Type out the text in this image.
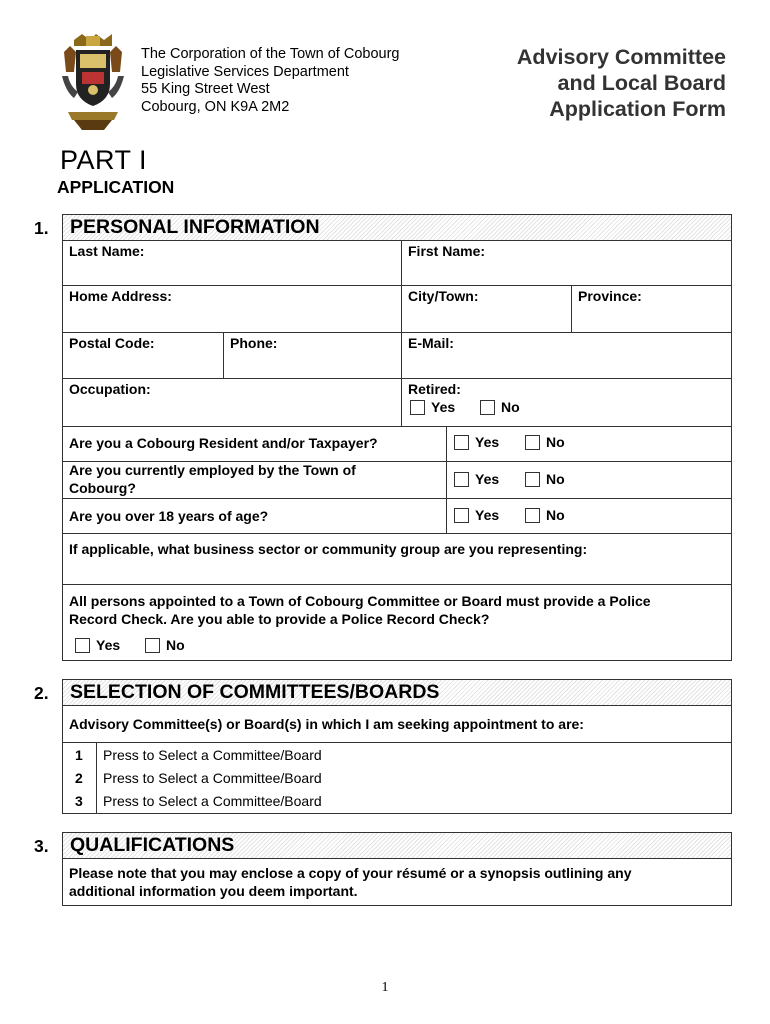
The Corporation of the Town of Cobourg
Legislative Services Department
55 King Street West
Cobourg, ON K9A 2M2
Advisory Committee
and Local Board
Application Form
PART I
APPLICATION
1. PERSONAL INFORMATION
Last Name:	First Name:
Home Address:	City/Town:	Province:
Postal Code:	Phone:	E-Mail:
Occupation:	Retired:
Yes	No
Are you a Cobourg Resident and/or Taxpayer?	Yes	No
Are you currently employed by the Town of
Cobourg?
Yes	No
Are you over 18 years of age?	Yes	No
If applicable, what business sector or community group are you representing:
All persons appointed to a Town of Cobourg Committee or Board must provide a Police
Record Check. Are you able to provide a Police Record Check?
Yes	No
2. SELECTION OF COMMITTEES/BOARDS
Advisory Committee(s) or Board(s) in which I am seeking appointment to are:
1 Press to Select a Committee/Board
2 Press to Select a Committee/Board
3 Press to Select a Committee/Board
3. QUALIFICATIONS
Please note that you may enclose a copy of your résumé or a synopsis outlining any
additional information you deem important.
1
